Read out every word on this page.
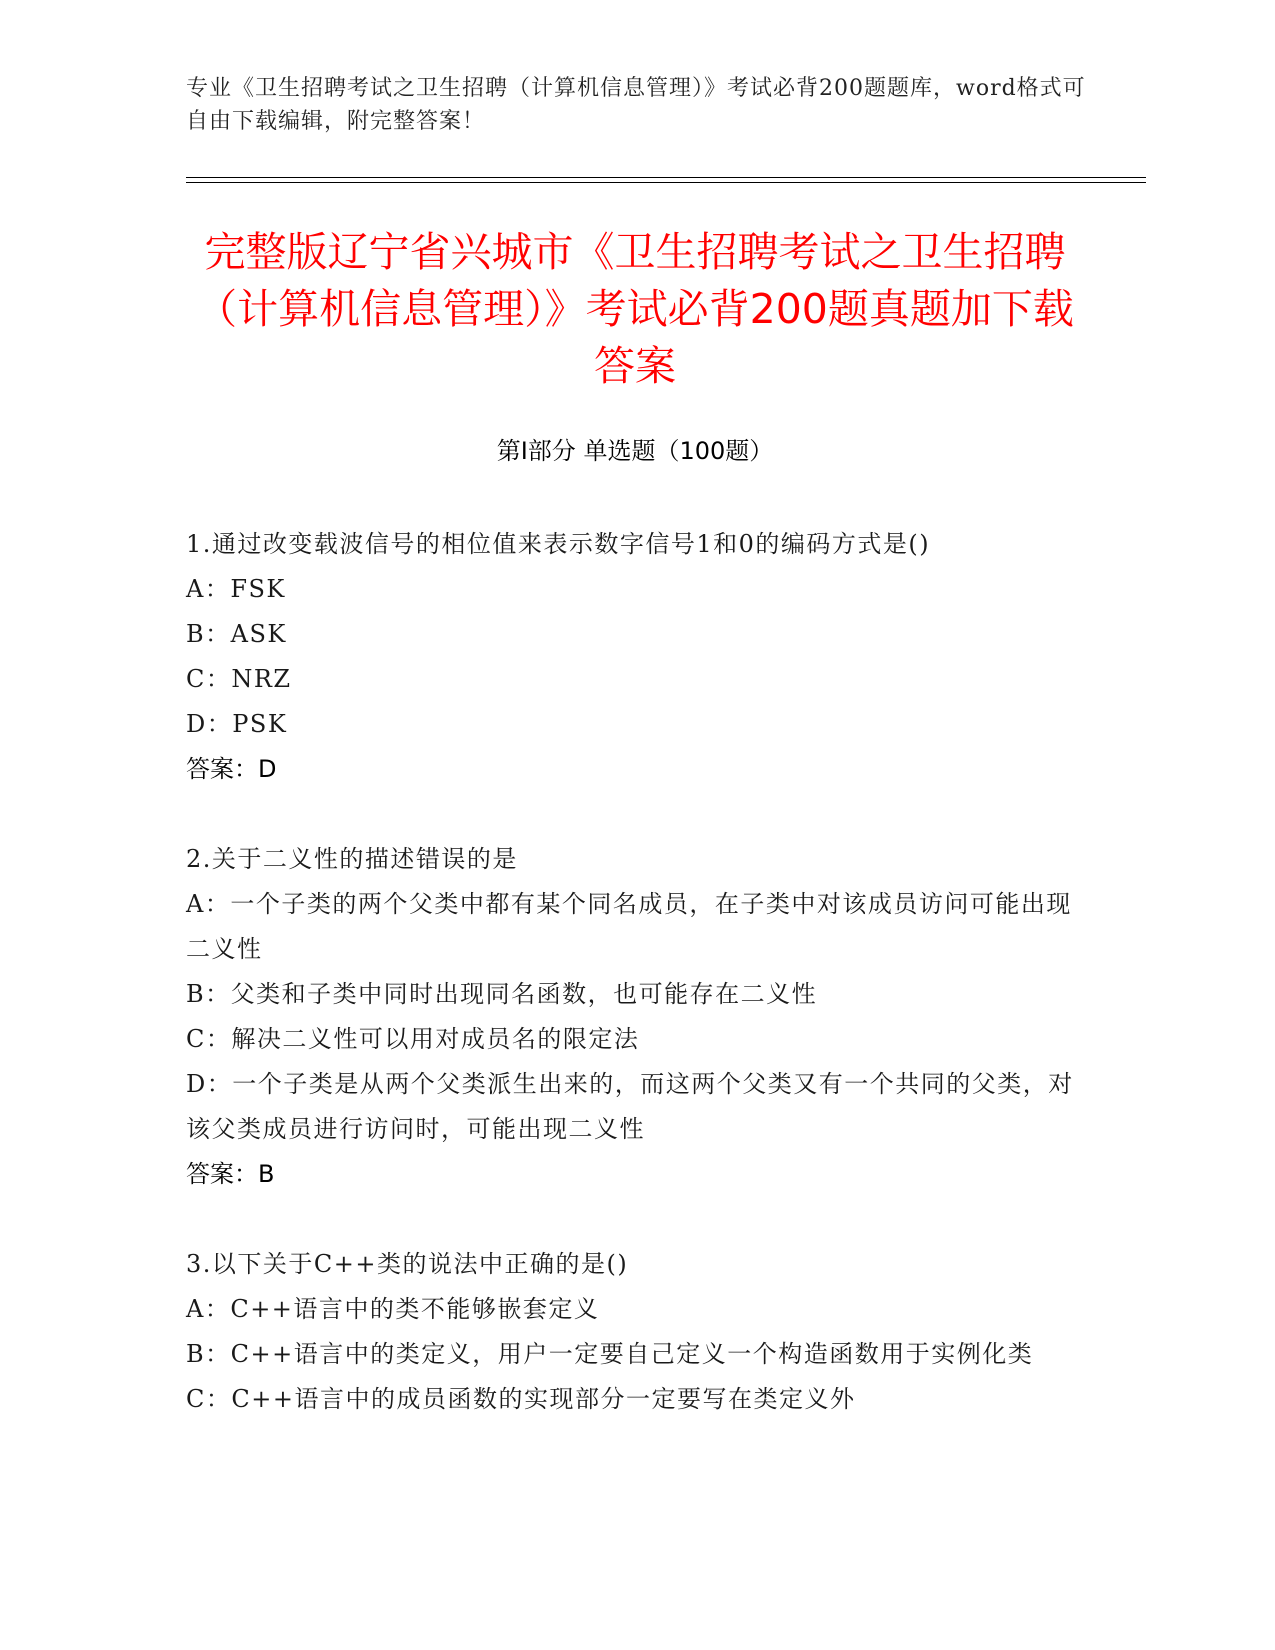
专业《卫生招聘考试之卫生招聘（计算机信息管理）》考试必背200题题库，word格式可自由下载编辑，附完整答案！
完整版辽宁省兴城市《卫生招聘考试之卫生招聘（计算机信息管理）》考试必背200题真题加下载答案
第Ⅰ部分 单选题（100题）
1.通过改变载波信号的相位值来表示数字信号1和0的编码方式是()
A：FSK
B：ASK
C：NRZ
D：PSK
答案：D
2.关于二义性的描述错误的是
A：一个子类的两个父类中都有某个同名成员，在子类中对该成员访问可能出现二义性
B：父类和子类中同时出现同名函数，也可能存在二义性
C：解决二义性可以用对成员名的限定法
D：一个子类是从两个父类派生出来的，而这两个父类又有一个共同的父类，对该父类成员进行访问时，可能出现二义性
答案：B
3.以下关于C++类的说法中正确的是()
A：C++语言中的类不能够嵌套定义
B：C++语言中的类定义，用户一定要自己定义一个构造函数用于实例化类
C：C++语言中的成员函数的实现部分一定要写在类定义外
